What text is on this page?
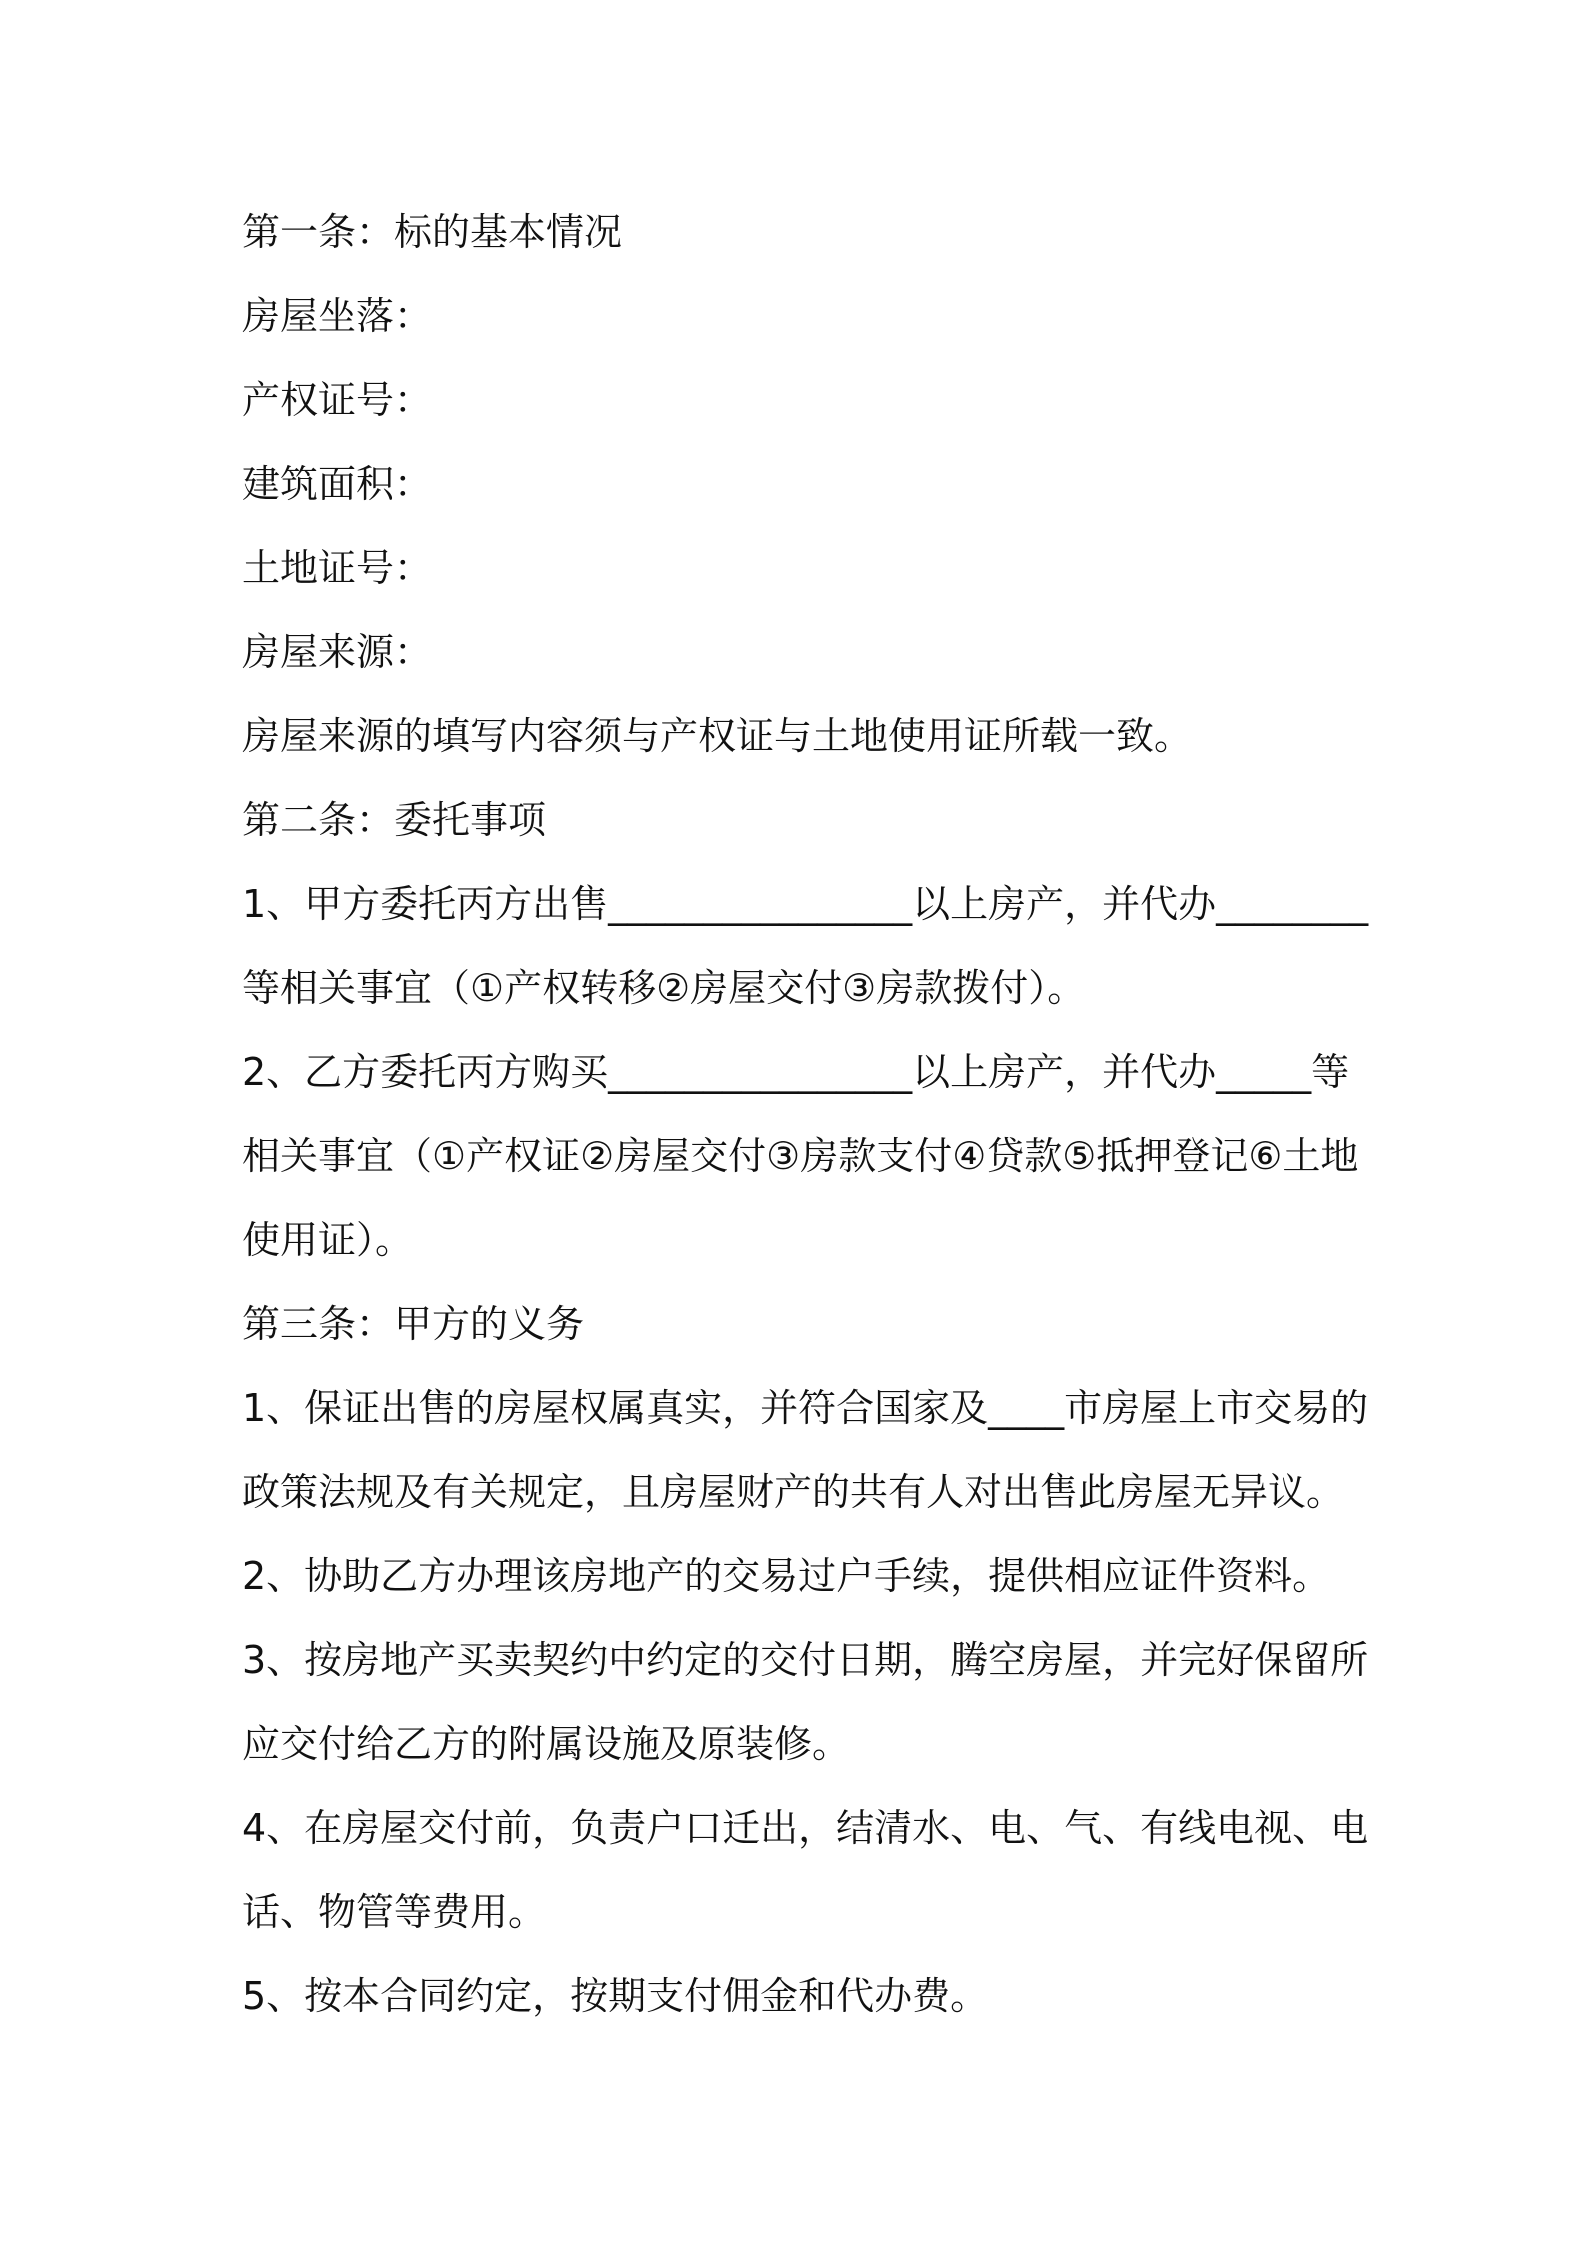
第一条：标的基本情况
房屋坐落：
产权证号：
建筑面积：
土地证号：
房屋来源：
房屋来源的填写内容须与产权证与土地使用证所载一致。
第二条：委托事项
1、甲方委托丙方出售________________以上房产，并代办________
等相关事宜（①产权转移②房屋交付③房款拨付）。
2、乙方委托丙方购买________________以上房产，并代办_____等
相关事宜（①产权证②房屋交付③房款支付④贷款⑤抵押登记⑥土地
使用证）。
第三条：甲方的义务
1、保证出售的房屋权属真实，并符合国家及____市房屋上市交易的
政策法规及有关规定，且房屋财产的共有人对出售此房屋无异议。
2、协助乙方办理该房地产的交易过户手续，提供相应证件资料。
3、按房地产买卖契约中约定的交付日期，腾空房屋，并完好保留所
应交付给乙方的附属设施及原装修。
4、在房屋交付前，负责户口迁出，结清水、电、气、有线电视、电
话、物管等费用。
5、按本合同约定，按期支付佣金和代办费。
